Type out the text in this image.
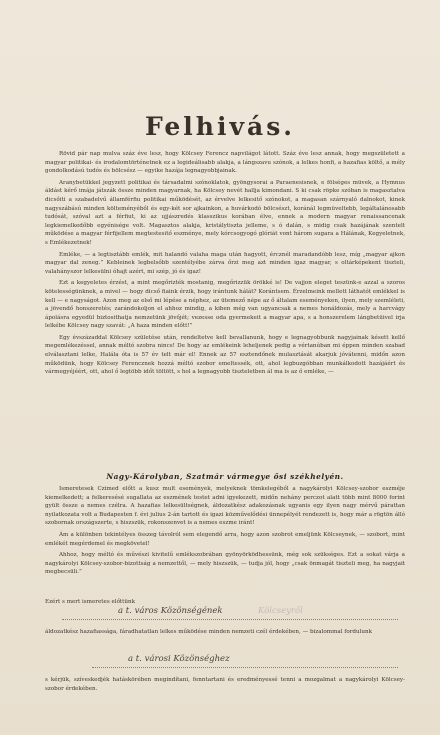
Felhivás.

Rövid pár nap mulva száz éve lesz, hogy Kölcsey Ferencz napvilágot látott. Száz éve lesz annak, hogy megszületett a magyar politikai- és irodalomtörténetnek ez a legideálisabb alakja, a lángszavu szónok, a lelkes honfi, a hazafias költő, a mély gondolkodású tudós és bölcsész — egyike hazája legnagyobbjainak.

Aranybetükkel jegyzett politikai és társadalmi szónoklatok, gyöngysorai a Paraenesisnek, e fölséges müvek, a Hymnus áldást kérő imája játszák össze minden magyarnak, ha Kölcsey nevét hallja kimondani. S ki csak röpke szóban is magasztalva dicsőiti a szabadelvű államférfiu politikai működését, az érvelve lelkesitő szónokot, a magasan szárnyaló dalnokot, kinek nagyszábású minden költeményéből és egy-két sor ajkainkon, a huvárkodó bölcsészt, koránál legmüveltebb, legáltalánosabb tudósát, szóval azt a férfiut, ki az ujjászredés klasszikus korában élve, ennek a modern magyar renaissancenak legkiemelkedőbb egyénisége volt. Magasztos alakja, kristálytiszta jelleme, s ó dalán, s midig csak hazájának szentelt működése a magyar férfijellem megtestesitő eszménye, mely kórcsogyogó glóriát vont három sugara a Hálának, Kegyeletnek, s Emlékezetnek!

Emléke, — a legtisztább emlék, mit halandó valaha maga után hagyott, ércznél maradandóbb lesz, míg „magyar ajkon magyar dal zeneg.” Kebleinek legbelsőbb szentélyébe zárva őrzi meg azt minden igaz magyar, s oltárképekent tiszteli, valahányszor lelkesülni óhajt azért, mi szép, jó és igaz!

Ezt a kegyeletes érzést, a mint megőrizték mostanig, megőrizzük örökké is! De vajjon eleget teszünk-e azzal a szoros kötelességünknek, a mivel — hogy dicső fiaink érzik, hogy irántunk hálát? Korántsem. Érzelmeink mellett láthatót emlékkel is kell — e nagyságot. Azon meg az első mi lépése a néphez, az ütemező népe az ő általam eseményeken, ilyen, mely szemléleti, a jövendő honszeretés; zarándokoljon el ahhoz mindig, a kiben még van ugyancsak a nemes honáldozás, mely a harcvágy ápolásra egyedül biztosithatja nemzetünk jövőjét; vezesse oda gyermekeit a magyar apa, s a honszerelem lángbetüivel irja lelkébe Kölcsey nagy szavát: „A haza minden előtt!”

Egy évszázaddal Kölcsey születése után, rendeltetve kell bevallanunk, hogy e legnagyobbunk nagyjainak késett kellő megemlékezéssel, annak méltó szobra nincs! De hogy az emlékeink leheljenek pedig a vértanúban mi éppen minden szabad elválasztani lelke, Halála óta is 57 év telt már el! Ennek az 57 esztendőnek mulasztását akarjuk jóvátenni, midőn azon működünk, hogy Kölcsey Ferencznek hozzá méltó szobor emeltessék, ott, ahol legbuzgóbban munkálkodott hazájáért és vármegyéjéért, ott, ahol ő legtöbb időt töltött, s hol a legnagyobb tiszteletben ál ma is az ő emléke, —

Nagy-Károlyban, Szatmár vármegye ősi székhelyén.

Ismeretesek Czimed előtt a kusz mult események, melyeknek tömkelegéből a nagykárolyi Kölcsey-szobor eszméje kiemelkedett; a felkeresésé sugallata az eszmének testet adni igyekezett, midőn nehány perczot alatt több mint 8000 forint gyült össze a nemes czélra. A hazafias lelkesültségnek, áldozatkész adakozásnak ugyanis egy ilyen nagy mérvű párattan nyilatkozata volt a Budapesten f. évi julius 2-án tartott és igazi közművelődési ünnepélyét rendezett is, hogy már a rögtön álló szobornak országszerte, s hiszszük, rokonszenvet is a nemes eszme iránt!

Ám a különben tekintélyes összeg távolról sem elegendő arra, hogy azon szobrot emeljünk Kölcseynek, — szobort, mint emlékét megérdemel és megkövetel!

Ahhoz, hogy méltó és művészi kivitelű emlékszobrában gyönyörködhessünk, még sok szükséges. Ezt a sokat várja a nagykárolyi Kölcsey-szobor-bizottság a nemzettől, — mely hiszszük, — tudja jól, hogy „csak önmagát tiszteli meg, ha nagyjait megbecsüli.”

Ezért s mert ismeretes előttünk
a t. város Közönségének	Kölcseyről
áldozatkész hazafiassága, fáradhatatlan lelkes működése minden nemzeti czél érdekében, — bizalommal fordulunk
a t. városi Közönséghez
s kérjük, szíveskedjék hatáskörében megindítani, fenntartani és eredményessé tenni a mozgalmat a nagykárolyi Kölcsey-szobor érdekében.
